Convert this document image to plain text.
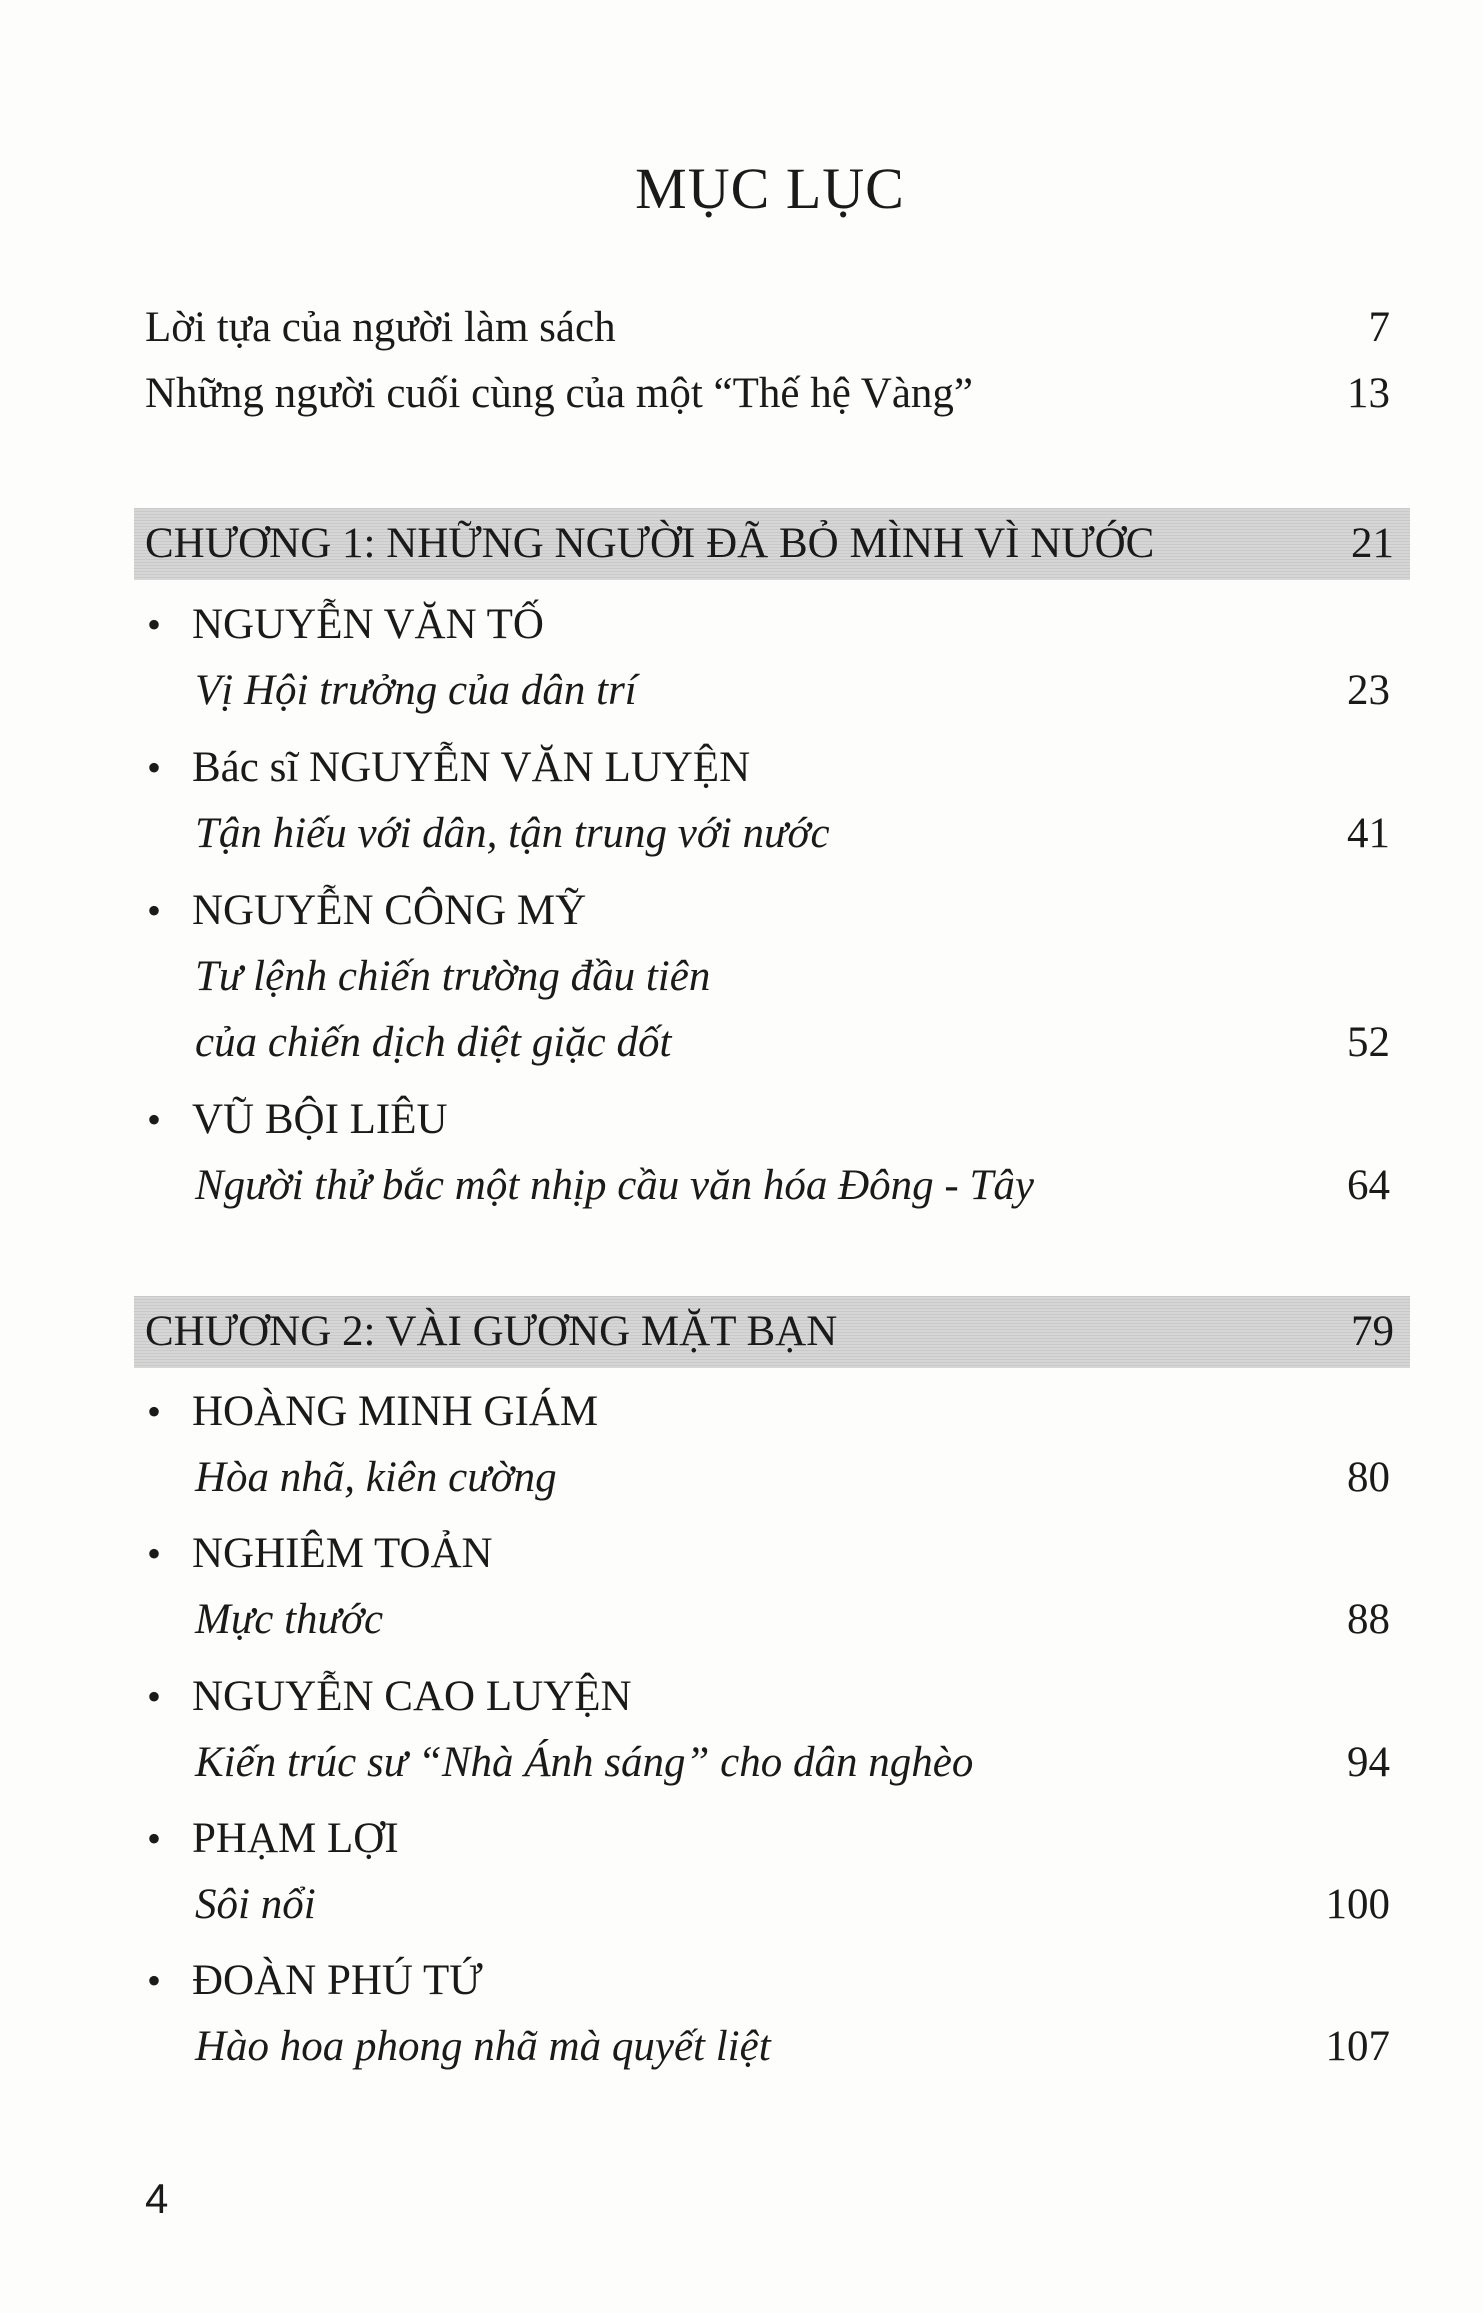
MỤC LỤC
Lời tựa của người làm sách	7
Những người cuối cùng của một “Thế hệ Vàng”	13
CHƯƠNG 1: NHỮNG NGƯỜI ĐÃ BỎ MÌNH VÌ NƯỚC	21
• NGUYỄN VĂN TỐ
Vị Hội trưởng của dân trí	23
• Bác sĩ NGUYỄN VĂN LUYỆN
Tận hiếu với dân, tận trung với nước	41
• NGUYỄN CÔNG MỸ
Tư lệnh chiến trường đầu tiên
của chiến dịch diệt giặc dốt	52
• VŨ BỘI LIÊU
Người thử bắc một nhịp cầu văn hóa Đông - Tây	64
CHƯƠNG 2: VÀI GƯƠNG MẶT BẠN	79
• HOÀNG MINH GIÁM
Hòa nhã, kiên cường	80
• NGHIÊM TOẢN
Mực thước	88
• NGUYỄN CAO LUYỆN
Kiến trúc sư “Nhà Ánh sáng” cho dân nghèo	94
• PHẠM LỢI
Sôi nổi	100
• ĐOÀN PHÚ TỨ
Hào hoa phong nhã mà quyết liệt	107
4
